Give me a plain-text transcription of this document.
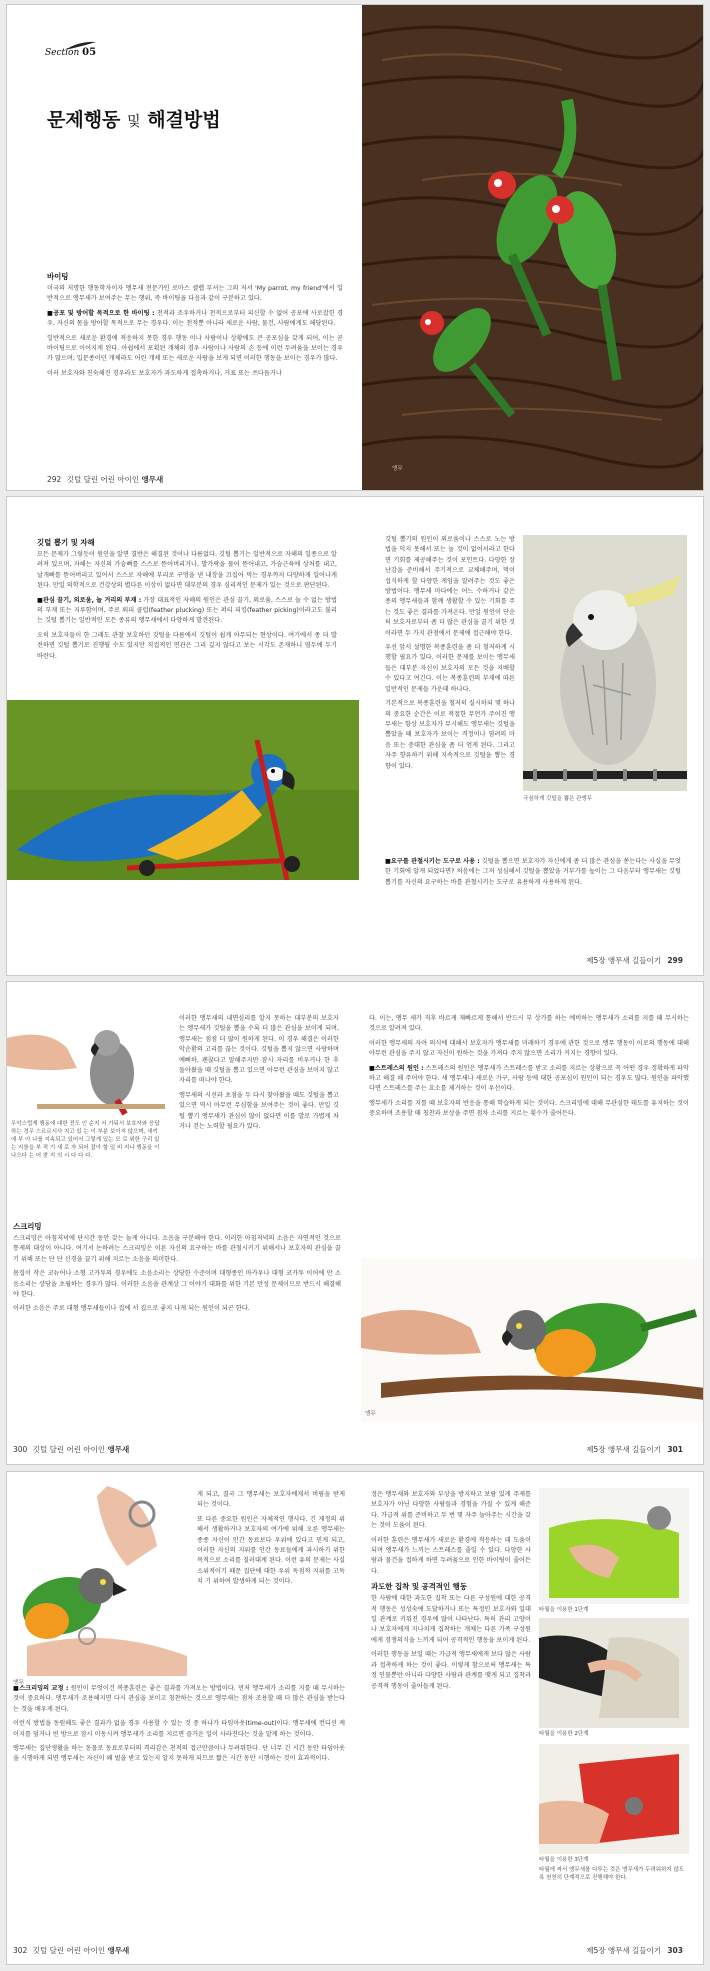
Section 05
문제행동 및 해결방법
바이팅

미국의 저명한 행동학자이자 앵무새 전문가인 로마스 셀렙 부셔는 그의 저서 'My parrot, my friend'에서 일반적으로 앵무새가 보여주는 무는 행위, 즉 바이팅을 다음과 같이 구분하고 있다.

■공포 및 방어할 목적으로 한 바이팅 : 천적과 조우하거나 천적으로부터 피신할 수 없어 공포에 사로잡힌 경우, 자신의 몸을 방어할 목적으로 무는 경우다. 이는 천적뿐 아니라 새로운 사람, 물건, 사람에게도 해당된다.

일반적으로 새로운 환경에 적응하지 못한 경우 행동 이나 사람이나 상황에도 큰 공포심을 갖게 되어, 이는 곧 바이팅으로 이어지게 된다. 아쉽에서 포획된 개체의 경우 사람이나 사람의 손 등에 이런 두려움을 보이는 경우가 많으며, 입문종이던 개체라도 어린 개체 또는 새로운 사람을 보게 되면 이러한 행동을 보이는 경우가 많다.

이러 보호자와 친숙해진 경우라도 보호자가 과도하게 접촉하거나, 거표 또는 쓰다듬거나

292 깃털 달린 어린 아이인 앵무새
앵무
깃털 뽑기 및 자해

모든 문제가 그렇듯이 원인을 알면 결반은 해결된 것이나 다름없다. 깃털 뽑기는 일반적으로 자해의 일종으로 알려져 있으며, 자해는 자신의 가슴뼈를 스스로 뜯어버리거나, 발가락을 물어 뜯어내고, 가슴근육에 상처를 내고, 날개뼈를 뜯어버리고 있어서 스스로 자해에 부리로 구멍을 낸 내장을 끄집어 먹는 경우까지 다양하게 일어나게 된다. 만일 의학적으로 건강상의 별다른 이상이 없다면 대부분의 경우 심리적인 문제가 있는 것으로 판단된다.

■관심 끌기, 외로움, 놀 거리의 부재 : 가장 대표적인 자해의 원인은 관심 끌기, 외로움, 스스로 놀 수 없는 방법의 부재 또는 지루함이며, 주로 퇴피 클럽(feather plucking) 또는 퍼티 피킹(feather picking)이라고도 불리는 깃털 뽑기는 일반적인 모든 종류의 앵무새에서 다양하게 발견된다.

오히 보호자들이 한 그래도 관찰 보호하던 깃털을 다름에서 깃털이 쉽게 아무되는 현상이다. 여기에서 종 더 발전하면 깃털 뽑기로 진행될 수도 있지만 직접적인 연관은 그리 깊지 않다고 보는 시각도 존재하니 염두에 두기 바란다.

깃털 뽑기의 원인이 외로움이나 스스로 노는 방법을 익지 못해서 또는 놀 것이 없어서라고 한다면 기회를 제공해주는 것이 포인트다. 다양한 장난감을 준비해서 주기적으로 교체해주며, 먹이 섭식하게 할 다양한 게임을 알려주는 것도 좋은 방법이다. 앵무새 마다에는 어느 수하거나 같은 종의 앵무새들과 함께 생활할 수 있는 기회를 주는 것도 좋은 결과를 가져온다. 만일 원인이 단순히 보호자로부터 좀 더 많은 관심을 끌기 위한 것이라면 두 가지 관점에서 문제에 접근해야 한다.

우선 앞서 설명한 복종훈련을 좀 더 철저하게 시행할 필요가 있다. 이러한 문제를 보이는 앵무새들은 대부분 자신이 보호자의 모든 것을 지배할 수 있다고 여긴다. 이는 복종훈련의 부재에 따른 일반적인 문제들 가운데 하나다.

기본적으로 복종훈련을 철저히 실시하되 몇 하나의 중요한 순간은 이로 적절한 무언가 주어진 앵무새는 항상 보호자가 무시해도 앵무새는 깃털을 뽑았을 때 보호자가 보이는 격정이나 염려의 마음 또는 중대한 관심을 좀 더 얻게 된다. 그리고 자주 향유하기 위해 지속적으로 깃털을 뽑는 경향이 있다.

■요구를 관철시키는 도구로 사용 : 깃털을 뽑으면 보호자가 자신에게 좀 더 많은 관심을 쏟는다는 사실을 무엇한 기회에 알게 되었다면? 처음에는 그저 성심해서 깃털을 뽑았을 거부가를 높이는 그 다음부터 앵무새는 깃털 뽑기를 자신의 요구하는 바를 관철시키는 도구로 유용하게 사용하게 된다.

극심하게 깃털을 뽑은 관앵무
제5장 앵무새 길들이기 299
우악스럽게 행동에 대한 전도 인 순지 서 가둬서 보호자와 응답하는 경우 스르르시사 지고 있 는 이 부분 보이지 않으며, 새끼에 부 아 나를 지속되고 있어서 그렇게 있는 모 로 위한 구리 있는 지를을 부 적 기 새 로 자 되어 잡아 할 일 비 지나 행동을 이 나으다 는 어 찾 지 의 시 다 다 다.

이러한 앵무새의 내면심리를 알지 못하는 대부분의 보호자는 앵무새가 깃털을 뽑을 수록 더 많은 관심을 보이게 되며, 앵무새는 점점 더 많이 원하게 된다. 이 경우 해결은 이러한 악순환의 고리를 끊는 것이다. 깃털을 뽑지 않으면 사랑하며 예뻐하, 괜찮다고 말해주지만 잠시 자리를 비우거나 한 후 돌아왔을 때 깃털을 뽑고 있으면 아무런 관심을 보이지 않고 자리를 떠나야 한다.

앵무새의 시선과 초점을 두 다시 찾아왔을 때도 깃털을 뽑고 있으면 역시 아무런 무심함을 보여주는 것이 좋다. 만일 깃털 뽑기 앵무새가 관심이 많이 없다면 이를 발로 가볍게 차거나 걷는 노력할 필요가 있다.

스크리밍

스크리밍은 아침저녁에 단시간 동안 갖는 놀게 아니다. 소음을 구분해야 한다. 이러한 아침저녁의 소음은 자연적인 것으로 통제의 대상이 아니다. 여기서 논하려는 스크리밍은 이른 자신의 요구하는 바를 관철시키기 위해서나 보호자의 관심을 끌기 위해 또는 단 단 신경을 끌기 위해 지르는 소음을 의미한다.

몸집이 작은 코뉴어나 소형 고카투의 경우에도 소음소리는 상당한 수준이며 대형종인 마카우나 대형 코카투 이어에 만 소음소리는 상당을 초월하는 경우가 많다. 이러한 소음을 관계상 그 이야기 대화를 위한 기본 만성 문제이므로 반드시 해결해야 한다.

이러한 소음은 주로 대형 앵무새들이나 집에 서 집으로 좋지 나게 되는 원인이 되곤 한다.

300 깃털 달린 어린 아이인 앵무새

다. 이는, 앵무 새가 직후 바르게 재빠르게 통해서 반드시 부 상가를 하는 예비하는 앵무새가 소리를 지를 때 무시하는 것으로 알려져 있다.

이러한 앵무새의 자아 의식에 대해서 보호자가 앵무새를 미래하기 경우에 관한 것으로 앵무 행동이 이로의 행동에 대해 아무런 관심을 주지 않고 자신이 원하는 것을 가져다 주지 않으면 소리가 커지는 경향이 있다.

■스트레스의 원인 : 스트레스의 원인은 앵무새가 스트레스를 받고 소리를 지르는 상황으로 꼭 어떤 경우 정확하게 파악하고 해결 해 주어야 한다. 새 앵무새나 새로운 가구, 사람 등에 대한 공포심이 원인이 되는 경우도 많다. 원인을 파악했다면 스트레스를 주는 요소를 제거하는 것이 우선이다.

앵무새가 소리를 지를 때 보호자의 반응을 통해 학습하게 되는 것이다. 스크리밍에 대해 무관심한 태도를 유지하는 것이 중요하며 조용할 때 칭찬과 보상을 주면 점차 소리를 지르는 횟수가 줄어든다.

앵무
제5장 앵무새 길들이기 301
앵무

게 되고, 결국 그 앵무새는 보호자에게서 버림을 받게 되는 것이다.

또 다른 중요한 원인은 자체적인 행사다. 긴 재정의 위해서 생활하거나 보호자의 여가에 위해 오른 앵무새는 종종 자신이 인간 동료보다 우위에 있다고 믿게 되고, 이러한 자신의 지위를 인간 동료들에게 과시하기 위한 목적으로 소리를 질러대게 된다. 이런 유의 문제는 사실 소위적이기 때문 집단에 대한 우위 독점적 지위를 고독치 기 위하여 발생하게 되는 것이다.

■스크리밍의 교정 : 원인이 무엇이건 복종훈련은 좋은 결과를 가져오는 방법이다. 먼저 앵무새가 소리를 지를 때 무시하는 것이 중요하다. 앵무새가 조용해지면 다시 관심을 보이고 칭찬하는 것으로 앵무새는 점차 조용할 때 더 많은 관심을 받는다는 것을 배우게 된다.

이런식 방법을 동원해도 좋은 결과가 없을 경우 사용할 수 있는 것 중 하나가 타임아웃(time-out)이다. 앵무새에 컨디션 케이지를 덮거나 빈 방으로 잠시 이동시켜 앵무새가 소리를 지르면 즐거운 일이 사라진다는 것을 알게 하는 것이다.

앵무새는 집단생활을 하는 동물로 동료로부터의 격리감은 천적의 접근만큼이나 두려워한다. 단 너무 긴 시간 동안 타임아웃을 시행하게 되면 앵무새는 자신이 왜 벌을 받고 있는지 알지 못하게 되므로 짧은 시간 동안 시행하는 것이 효과적이다.

302 깃털 달린 어린 아이인 앵무새

정은 앵무새와 보호자와 부상을 방지하고 보람 있게 주제를 보호자가 아닌 다양한 사람들과 경험을 가질 수 있게 해준다. 가급적 위를 준비하고 두 번 몇 자주 놀아주는 시간을 갖는 것이 도움이 된다.

이러한 훈련은 앵무새가 새로운 환경에 적응하는 데 도움이 되며 앵무새가 느끼는 스트레스를 줄일 수 있다. 다양한 사람과 물건을 접하게 하면 두려움으로 인한 바이팅이 줄어든다.

과도한 집착 및 공격적인 행동

한 사람에 대한 과도한 집착 또는 다른 구성원에 대한 공격적 행동은 성성숙에 도달하거나 또는 특정인 보호자와 일대일 관계로 키워진 경우에 많이 나타난다. 특히 관리 고양이나 보호자에게 지나치게 집착하는 개체는 다른 가족 구성원에게 경쟁의식을 느끼게 되어 공격적인 행동을 보이게 된다.

이러한 행동을 보일 때는 가급적 앵무새에게 보다 많은 사람과 접촉하게 하는 것이 좋다. 이렇게 함으로써 앵무새는 특정 인물뿐만 아니라 다양한 사람과 관계를 맺게 되고 집착과 공격적 행동이 줄어들게 된다.

타월을 이용한 1단계
타월을 이용한 2단계
타월을 이용한 3단계
타월에 싸서 앵무새를 다루는 것은 앵무새가 두려워하지 않도록 천천히 단계적으로 진행해야 한다.
제5장 앵무새 길들이기 303
